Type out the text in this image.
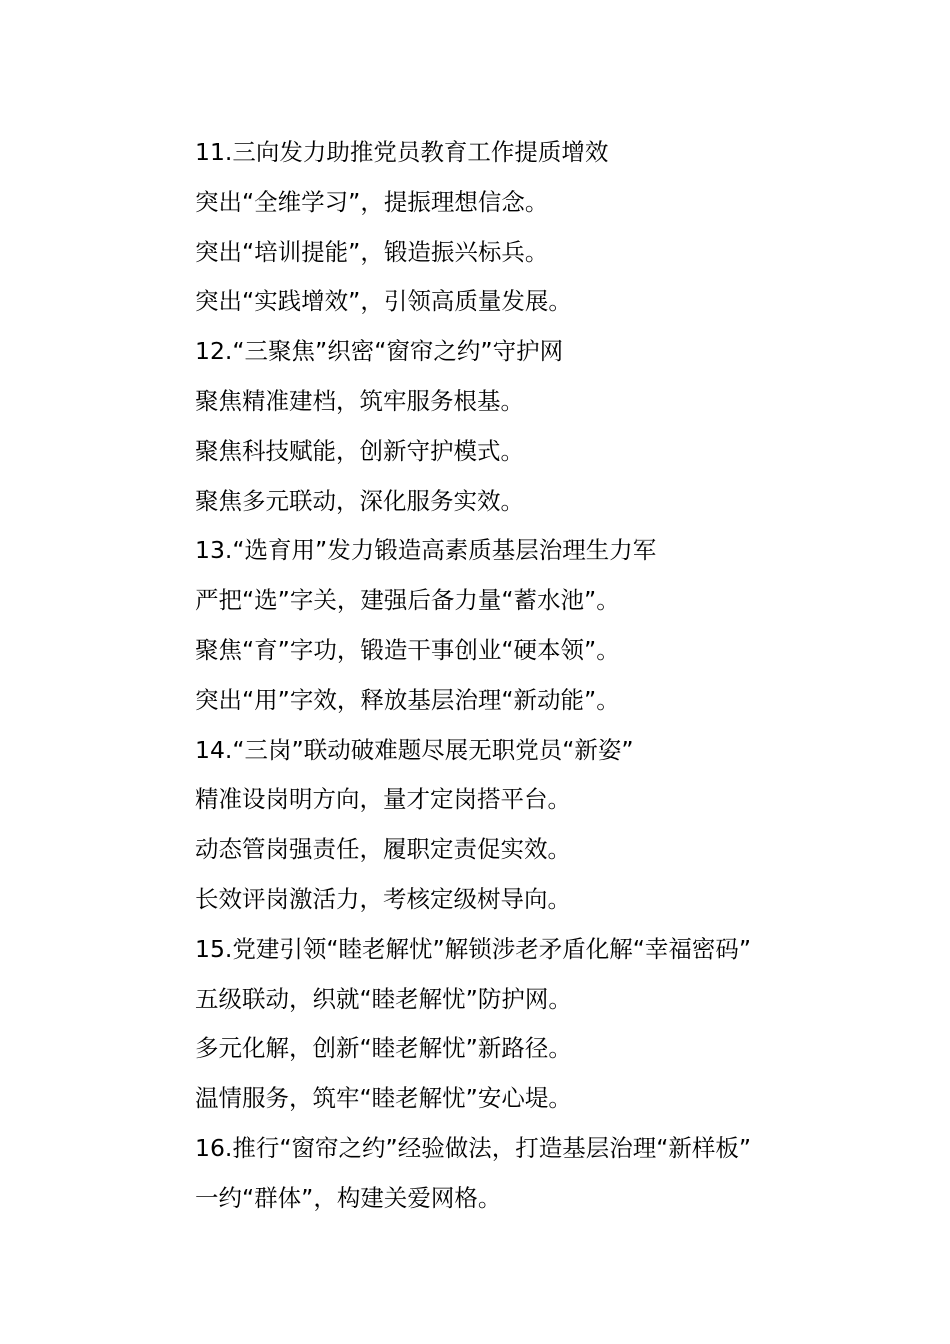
11.三向发力助推党员教育工作提质增效
突出“全维学习”，提振理想信念。
突出“培训提能”，锻造振兴标兵。
突出“实践增效”，引领高质量发展。
12.“三聚焦”织密“窗帘之约”守护网
聚焦精准建档，筑牢服务根基。
聚焦科技赋能，创新守护模式。
聚焦多元联动，深化服务实效。
13.“选育用”发力锻造高素质基层治理生力军
严把“选”字关，建强后备力量“蓄水池”。
聚焦“育”字功，锻造干事创业“硬本领”。
突出“用”字效，释放基层治理“新动能”。
14.“三岗”联动破难题尽展无职党员“新姿”
精准设岗明方向，量才定岗搭平台。
动态管岗强责任，履职定责促实效。
长效评岗激活力，考核定级树导向。
15.党建引领“睦老解忧”解锁涉老矛盾化解“幸福密码”
五级联动，织就“睦老解忧”防护网。
多元化解，创新“睦老解忧”新路径。
温情服务，筑牢“睦老解忧”安心堤。
16.推行“窗帘之约”经验做法，打造基层治理“新样板”
一约“群体”，构建关爱网格。
